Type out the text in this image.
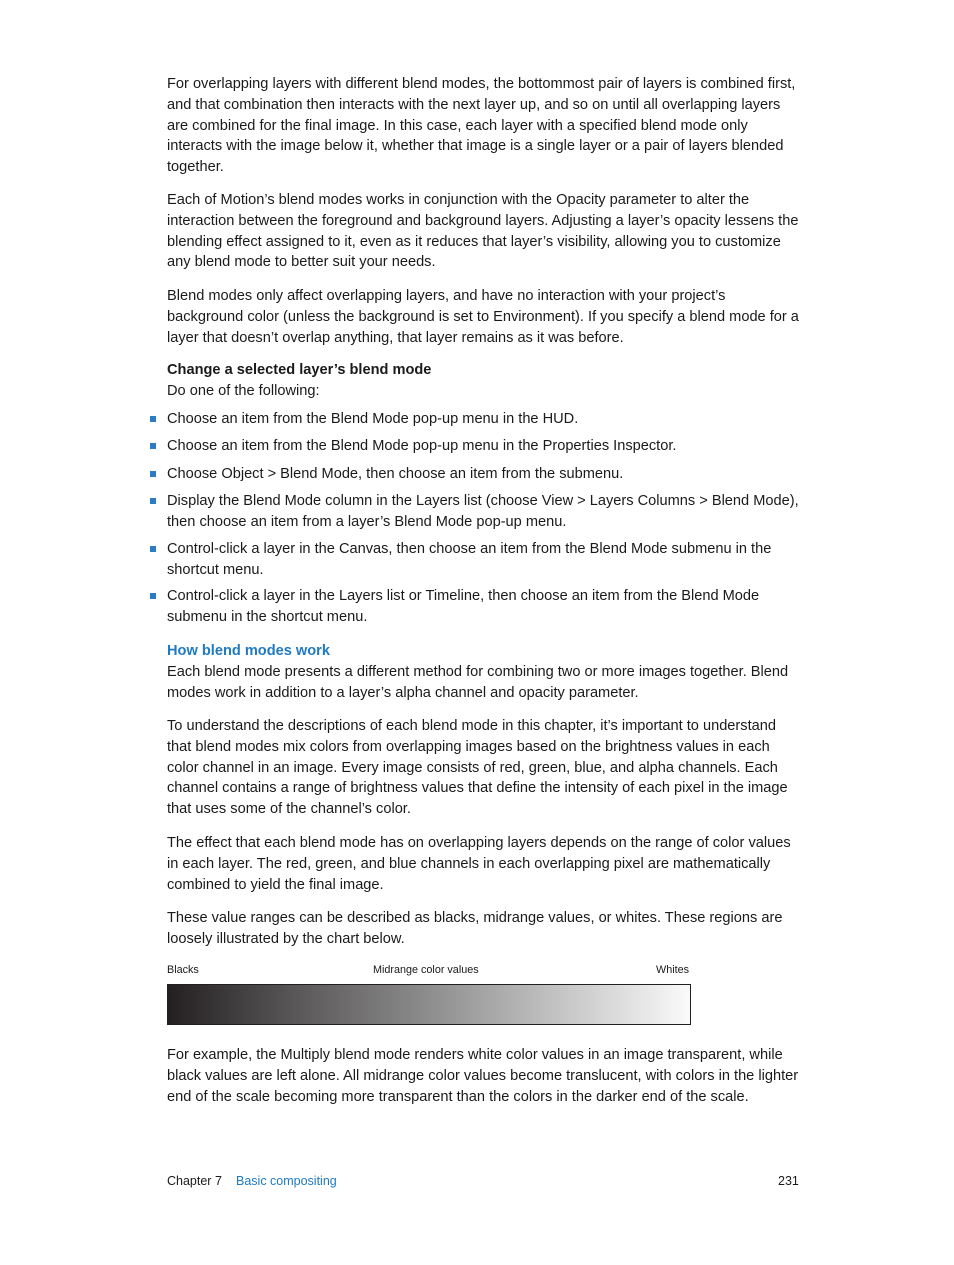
For overlapping layers with different blend modes, the bottommost pair of layers is combined first, and that combination then interacts with the next layer up, and so on until all overlapping layers are combined for the final image. In this case, each layer with a specified blend mode only interacts with the image below it, whether that image is a single layer or a pair of layers blended together.

Each of Motion’s blend modes works in conjunction with the Opacity parameter to alter the interaction between the foreground and background layers. Adjusting a layer’s opacity lessens the blending effect assigned to it, even as it reduces that layer’s visibility, allowing you to customize any blend mode to better suit your needs.

Blend modes only affect overlapping layers, and have no interaction with your project’s background color (unless the background is set to Environment). If you specify a blend mode for a layer that doesn’t overlap anything, that layer remains as it was before.

Change a selected layer’s blend mode

Do one of the following:

Choose an item from the Blend Mode pop-up menu in the HUD.
Choose an item from the Blend Mode pop-up menu in the Properties Inspector.
Choose Object > Blend Mode, then choose an item from the submenu.
Display the Blend Mode column in the Layers list (choose View > Layers Columns > Blend Mode), then choose an item from a layer’s Blend Mode pop-up menu.
Control-click a layer in the Canvas, then choose an item from the Blend Mode submenu in the shortcut menu.
Control-click a layer in the Layers list or Timeline, then choose an item from the Blend Mode submenu in the shortcut menu.

How blend modes work

Each blend mode presents a different method for combining two or more images together. Blend modes work in addition to a layer’s alpha channel and opacity parameter.

To understand the descriptions of each blend mode in this chapter, it’s important to understand that blend modes mix colors from overlapping images based on the brightness values in each color channel in an image. Every image consists of red, green, blue, and alpha channels. Each channel contains a range of brightness values that define the intensity of each pixel in the image that uses some of the channel’s color.

The effect that each blend mode has on overlapping layers depends on the range of color values in each layer. The red, green, and blue channels in each overlapping pixel are mathematically combined to yield the final image.

These value ranges can be described as blacks, midrange values, or whites. These regions are loosely illustrated by the chart below.

Blacks	Midrange color values	Whites

For example, the Multiply blend mode renders white color values in an image transparent, while black values are left alone. All midrange color values become translucent, with colors in the lighter end of the scale becoming more transparent than the colors in the darker end of the scale.

Chapter 7 Basic compositing	231
